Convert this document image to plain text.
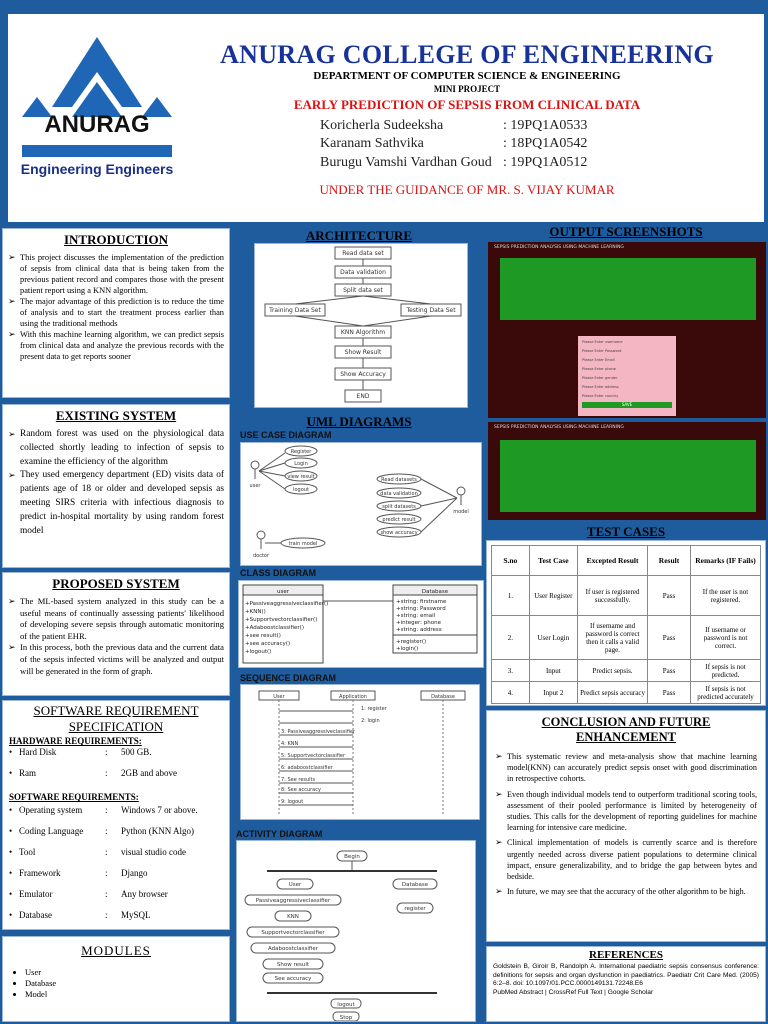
ANURAG
Engineering Engineers
ANURAG COLLEGE OF ENGINEERING
DEPARTMENT OF COMPUTER SCIENCE & ENGINEERING
MINI PROJECT
EARLY PREDICTION OF SEPSIS FROM CLINICAL DATA
Koricherla Sudeeksha	: 19PQ1A0533
Karanam Sathvika	: 18PQ1A0542
Burugu Vamshi Vardhan Goud : 19PQ1A0512
UNDER THE GUIDANCE OF MR. S. VIJAY KUMAR
INTRODUCTION
➢ This project discusses the implementation of the prediction of sepsis from clinical data that is being taken from the previous patient record and compares those with the present patient report using a KNN algorithm.
➢ The major advantage of this prediction is to reduce the time of analysis and to start the treatment process earlier than using the traditional methods
➢ With this machine learning algorithm, we can predict sepsis from clinical data and analyze the previous records with the present data to get reports sooner
EXISTING SYSTEM
➢ Random forest was used on the physiological data collected shortly leading to infection of sepsis to examine the efficiency of the algorithm
➢ They used emergency department (ED) visits data of patients age of 18 or older and developed sepsis as meeting SIRS criteria with infectious diagnosis to predict in-hospital mortality by using random forest model
PROPOSED SYSTEM
➢ The ML-based system analyzed in this study can be a useful means of continually assessing patients' likelihood of developing severe sepsis through automatic monitoring of the patient EHR.
➢ In this process, both the previous data and the current data of the sepsis infected victims will be analyzed and output will be generated in the form of graph.
SOFTWARE REQUIREMENT SPECIFICATION
HARDWARE REQUIREMENTS:
• Hard Disk	:	500 GB.
• Ram	:	2GB and above
SOFTWARE REQUIREMENTS:
• Operating system	:	Windows 7 or above.
• Coding Language	:	Python (KNN Algo)
• Tool	:	visual studio code
• Framework	:	Django
• Emulator	:	Any browser
• Database	:	MySQL
MODULES
• User
• Database
• Model
ARCHITECTURE
Read data set
Data validation
Split data set
Training Data Set	Testing Data Set
KNN Algorithm
Show Result
Show Accuracy
END
UML DIAGRAMS
USE CASE DIAGRAM
user
Register
Login
view result
logout
Read datasets
data validation
split datasets
predict result
show accuracy
train model
model
doctor
CLASS DIAGRAM
user
+Passiveaggressiveclassifier()
+KNN()
+Supportvectorclassifier()
+Adaboostclassifier()
+see result()
+see accuracy()
+logout()
Database
+string: firstname
+string: Password
+string: email
+integer: phone
+string: address
+register()
+login()
SEQUENCE DIAGRAM
User	Application	Database
1: register
2: login
3: Passiveaggressiveclassifier
4: KNN
5: Supportvectorclassifier
6: adaboostclassifier
7: See results
8: See accuracy
9: logout
ACTIVITY DIAGRAM
Begin
User	Database
register
Passiveaggressiveclassifier
KNN
Supportvectorclassifier
Adaboostclassifier
Show result
See accuracy
logout
Stop
OUTPUT SCREENSHOTS
SEPSIS PREDICTION ANALYSIS USING MACHINE LEARNING
Please Enter username
Please Enter Password
Please Enter Email
Please Enter phone
Please Enter gender
Please Enter address
Please Enter country
SAVE
SEPSIS PREDICTION ANALYSIS USING MACHINE LEARNING
TEST CASES
S.no	Test Case	Excepted Result	Result	Remarks (IF Fails)
1.	User Register	If user is registered successfully.	Pass	If the user is not registered.
2.	User Login	If username and password is correct then it calls a valid page.	Pass	If username or password is not correct.
3.	Input	Predict sepsis.	Pass	If sepsis is not predicted.
4.	Input 2	Predict sepsis accuracy	Pass	If sepsis is not predicted accurately
CONCLUSION AND FUTURE ENHANCEMENT
➢ This systematic review and meta-analysis show that machine learning model(KNN) can accurately predict sepsis onset with good discrimination in retrospective cohorts.
➢ Even though individual models tend to outperform traditional scoring tools, assessment of their pooled performance is limited by heterogeneity of studies. This calls for the development of reporting guidelines for machine learning for intensive care medicine.
➢ Clinical implementation of models is currently scarce and is therefore urgently needed across diverse patient populations to determine clinical impact, ensure generalizability, and to bridge the gap between bytes and bedside.
➢ In future, we may see that the accuracy of the other algorithm to be high.
REFERENCES
Goldstein B, Giroir B, Randolph A. International paediatric sepsis consensus conference: definitions for sepsis and organ dysfunction in paediatrics. Paediatr Crit Care Med. (2005) 6:2–8. doi: 10.1097/01.PCC.0000149131.72248.E6
PubMed Abstract | CrossRef Full Text | Google Scholar
